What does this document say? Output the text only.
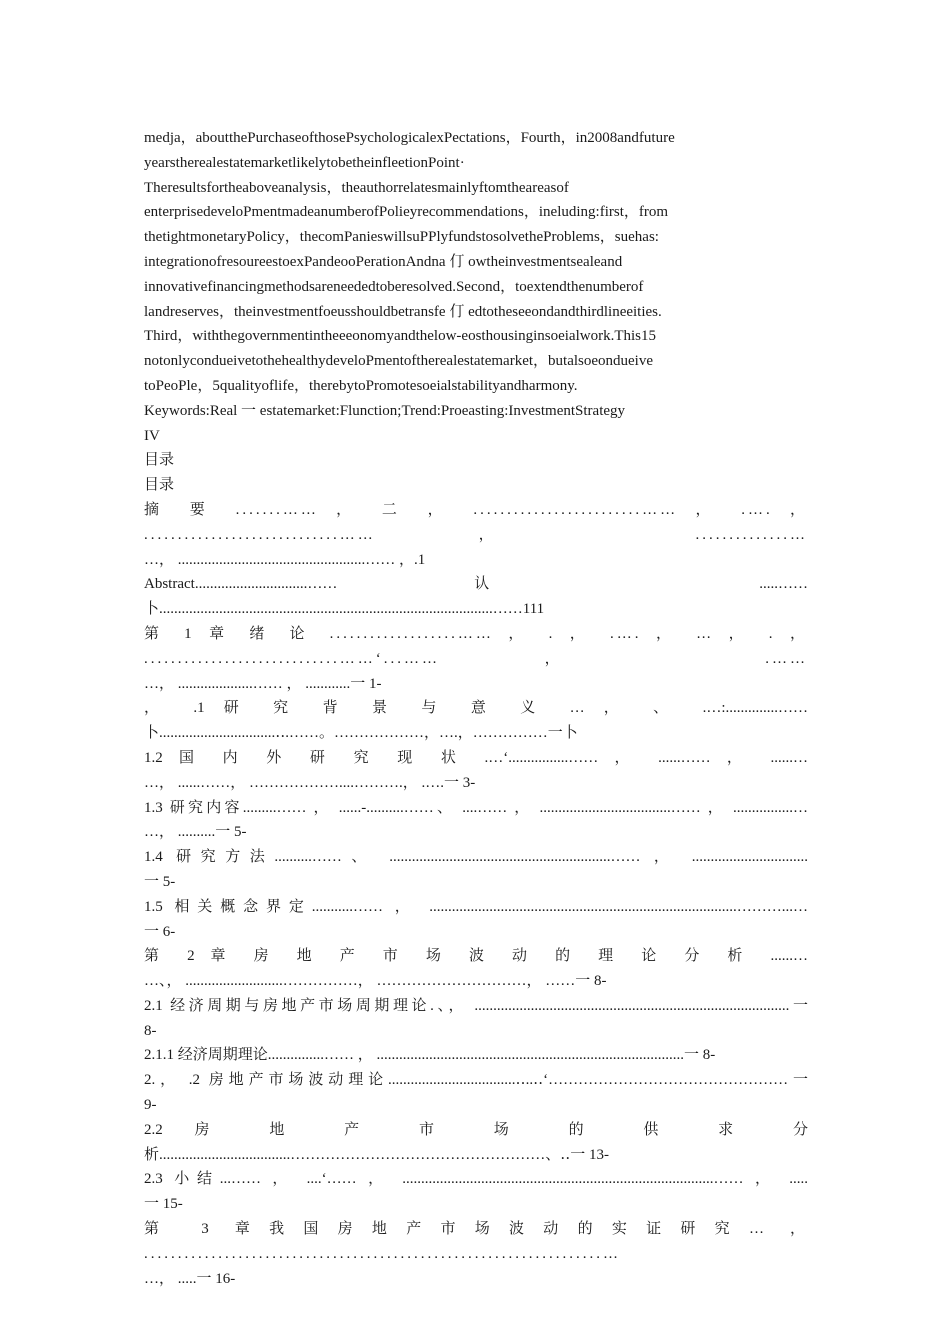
medja，aboutthePurchaseofthosePsychologicalexPectations，Fourth，in2008andfuture
yearstherealestatemarketlikelytobetheinfleetionPoint·
Theresultsfortheaboveanalysis，theauthorrelatesmainlyftomtheareasof
enterprisedeveloPmentmadeanumberofPolieyrecommendations，ineluding:first，from
thetightmonetaryPolicy，thecomPanieswillsuPPlyfundstosolvetheProblems，suehas:
integrationofresoureestoexPandeooPerationAndna 仃 owtheinvestmentsealeand
innovativefinancingmethodsareneededtoberesolved.Second，toextendthenumberof
landreserves，theinvestmentfoeusshouldbetransfe 仃 edtotheseeondandthirdlineeities.
Third，withthegovernmentintheeeonomyandthelow-eosthousinginsoeialwork.This15
notonlycondueivetothehealthydeveloPmentoftherealestatemarket，butalsoeondueive
toPeoPle，5qualityoflife，therebytoPromotesoeialstabilityandharmony.
Keywords:Real 一 estatemarket:Flunction;Trend:Proeasting:InvestmentStrategy
IV
目录
目录
摘 要 .......…… ， 二 ， .........................…… ， .…. ， .............................…… ， ..............…
…， ..................................................…… ，.1
Abstract..............................…… 认 .....……
卜.........................................................................................……111
第 1 章 绪 论 ...................…… ， . ， .…. ， … ， . ， .............................……‘...…… ， .……
…， ....................…… ， ............一 1-
， .1 研 究 背 景 与 意 义 … ， 、 .…:..............……
卜...............................‥.……。………………，….，……………一卜
1.2 国 内 外 研 究 现 状 .…‘................…… ， ......…… ， ......…
…， ......……， ………………....……….， .….一 3-
1.3 研究内容.........…… ， ......-..........……、 ....…… ， ...................................…… ， ................…
…， ..........一 5-
1.4 研究方法..........……、 ...........................................................…… ， ...............................
一 5-
1.5 相关概念界定...........…… ， ..................................................................................………...…
一 6-
第 2 章 房 地 产 市 场 波 动 的 理 论 分 析 ......…
…、， ..........................……………， …………………………， ……一 8-
2.1 经济周期与房地产市场周期理论.、， ....................................................................................一
8-
2.1.1 经济周期理论...............…… ， ..................................................................................一 8-
2.， .2 房地产市场波动理论..................................‥..‥‘…………………………………………一
9-
2.2 房 地 产 市 场 的 供 求 分
析...................................……………………………………………、‥一 13-
2.3 小结...…… ， ....‘…… ， ...................................................................................…… ， .....
一 15-
第 3 章我国房地产市场波动的实证研究… ， ....................................................................…
…， .....一 16-
